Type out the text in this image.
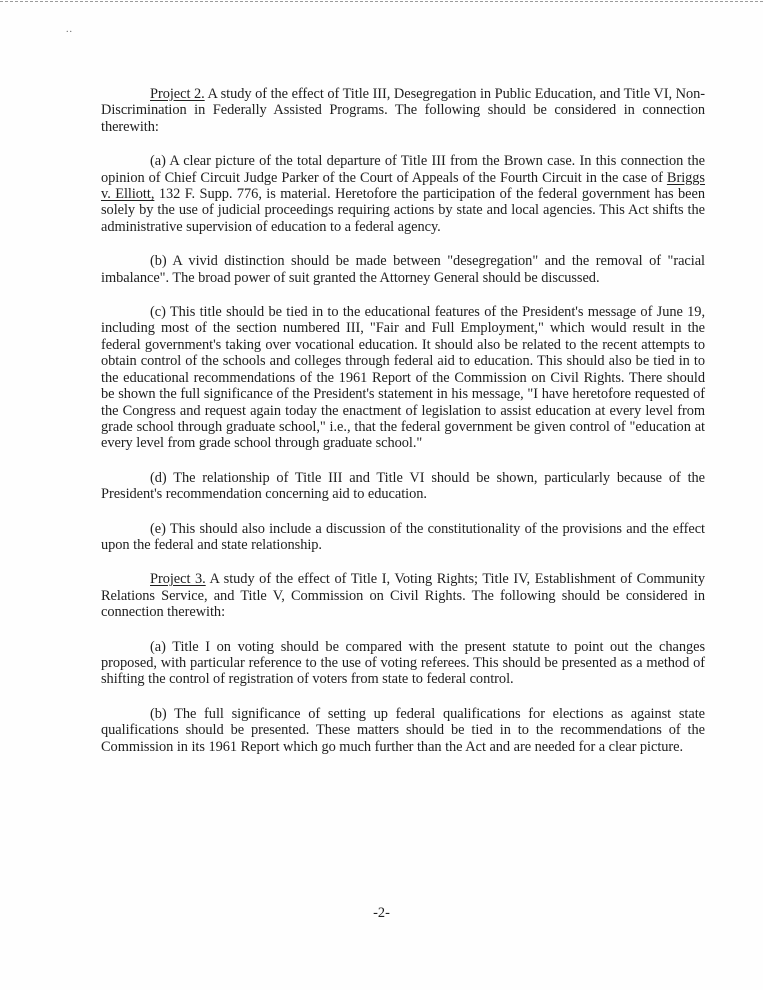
..

Project 2. A study of the effect of Title III, Desegregation in Public Education, and Title VI, Non-Discrimination in Federally Assisted Programs. The following should be considered in connection therewith:

(a) A clear picture of the total departure of Title III from the Brown case. In this connection the opinion of Chief Circuit Judge Parker of the Court of Appeals of the Fourth Circuit in the case of Briggs v. Elliott, 132 F. Supp. 776, is material. Heretofore the participation of the federal government has been solely by the use of judicial proceedings requiring actions by state and local agencies. This Act shifts the administrative supervision of education to a federal agency.

(b) A vivid distinction should be made between "desegregation" and the removal of "racial imbalance". The broad power of suit granted the Attorney General should be discussed.

(c) This title should be tied in to the educational features of the President's message of June 19, including most of the section numbered III, "Fair and Full Employment," which would result in the federal government's taking over vocational education. It should also be related to the recent attempts to obtain control of the schools and colleges through federal aid to education. This should also be tied in to the educational recommendations of the 1961 Report of the Commission on Civil Rights. There should be shown the full significance of the President's statement in his message, "I have heretofore requested of the Congress and request again today the enactment of legislation to assist education at every level from grade school through graduate school," i.e., that the federal government be given control of "education at every level from grade school through graduate school."

(d) The relationship of Title III and Title VI should be shown, particularly because of the President's recommendation concerning aid to education.

(e) This should also include a discussion of the constitutionality of the provisions and the effect upon the federal and state relationship.

Project 3. A study of the effect of Title I, Voting Rights; Title IV, Establishment of Community Relations Service, and Title V, Commission on Civil Rights. The following should be considered in connection therewith:

(a) Title I on voting should be compared with the present statute to point out the changes proposed, with particular reference to the use of voting referees. This should be presented as a method of shifting the control of registration of voters from state to federal control.

(b) The full significance of setting up federal qualifications for elections as against state qualifications should be presented. These matters should be tied in to the recommendations of the Commission in its 1961 Report which go much further than the Act and are needed for a clear picture.

-2-
